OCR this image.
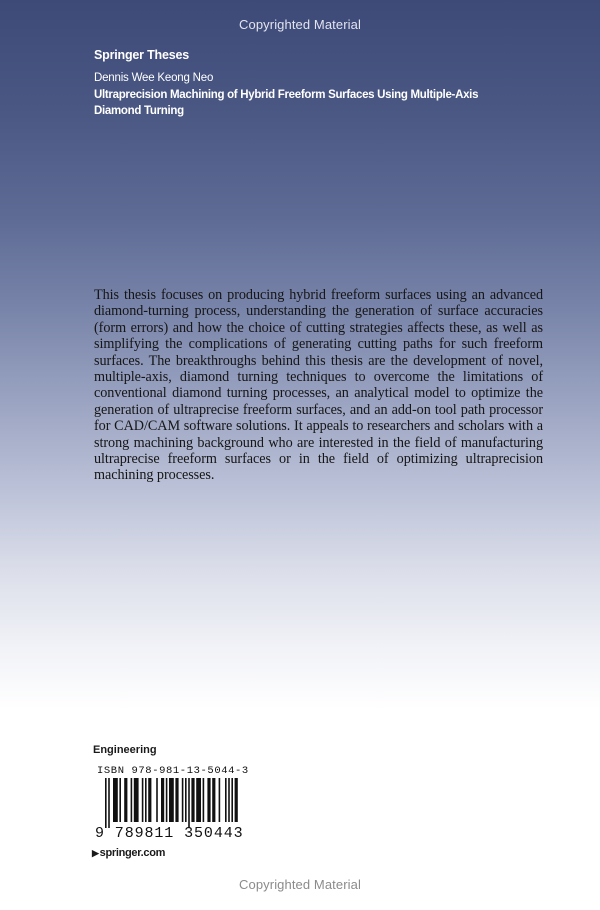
Copyrighted Material
Springer Theses
Dennis Wee Keong Neo
Ultraprecision Machining of Hybrid Freeform Surfaces Using Multiple-Axis
Diamond Turning
This thesis focuses on producing hybrid freeform surfaces using an advanced diamond-turning process, understanding the generation of surface accuracies (form errors) and how the choice of cutting strategies affects these, as well as simplifying the complications of generating cutting paths for such freeform surfaces. The breakthroughs behind this thesis are the development of novel, multiple-axis, diamond turning techniques to overcome the limitations of conventional diamond turning processes, an analytical model to optimize the generation of ultraprecise freeform surfaces, and an add-on tool path processor for CAD/CAM software solutions. It appeals to researchers and scholars with a strong machining background who are interested in the field of manufacturing ultraprecise freeform surfaces or in the field of optimizing ultraprecision machining processes.
Engineering
ISBN 978-981-13-5044-3
9 789811 350443
▶springer.com
Copyrighted Material
